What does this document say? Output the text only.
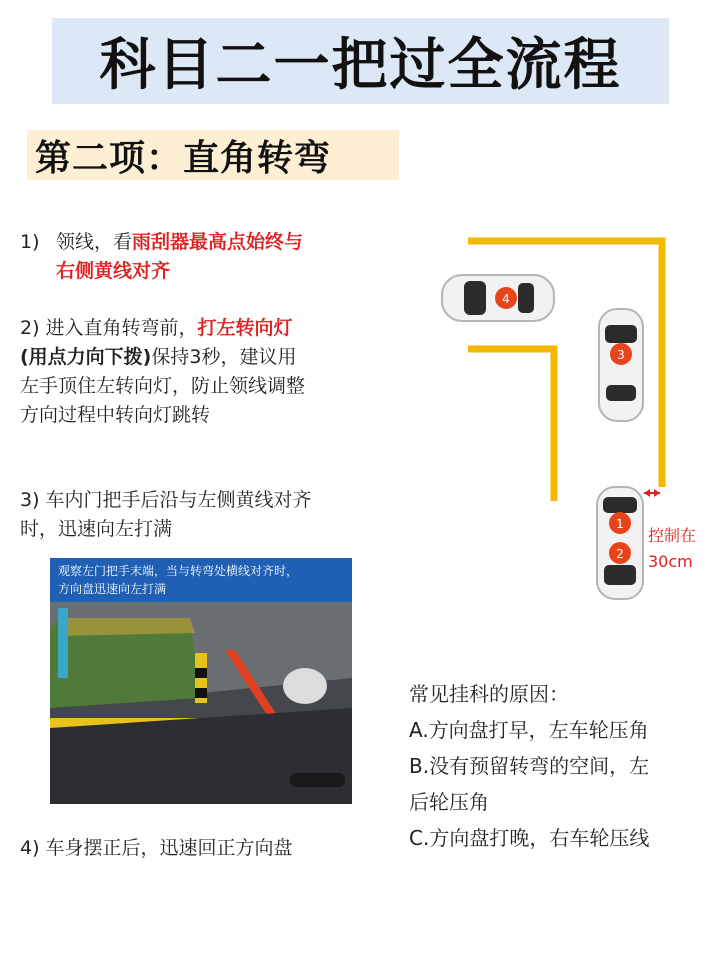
科目二一把过全流程
第二项：直角转弯
1) 领线，看雨刮器最高点始终与
右侧黄线对齐
2) 进入直角转弯前，打左转向灯
(用点力向下拨)保持3秒，建议用
左手顶住左转向灯，防止领线调整
方向过程中转向灯跳转
3) 车内门把手后沿与左侧黄线对齐
时，迅速向左打满
观察左门把手末端，当与转弯处横线对齐时，
方向盘迅速向左打满
4) 车身摆正后，迅速回正方向盘
4
3
1
2
控制在
30cm
常见挂科的原因：
A.方向盘打早，左车轮压角
B.没有预留转弯的空间，左
后轮压角
C.方向盘打晚，右车轮压线
